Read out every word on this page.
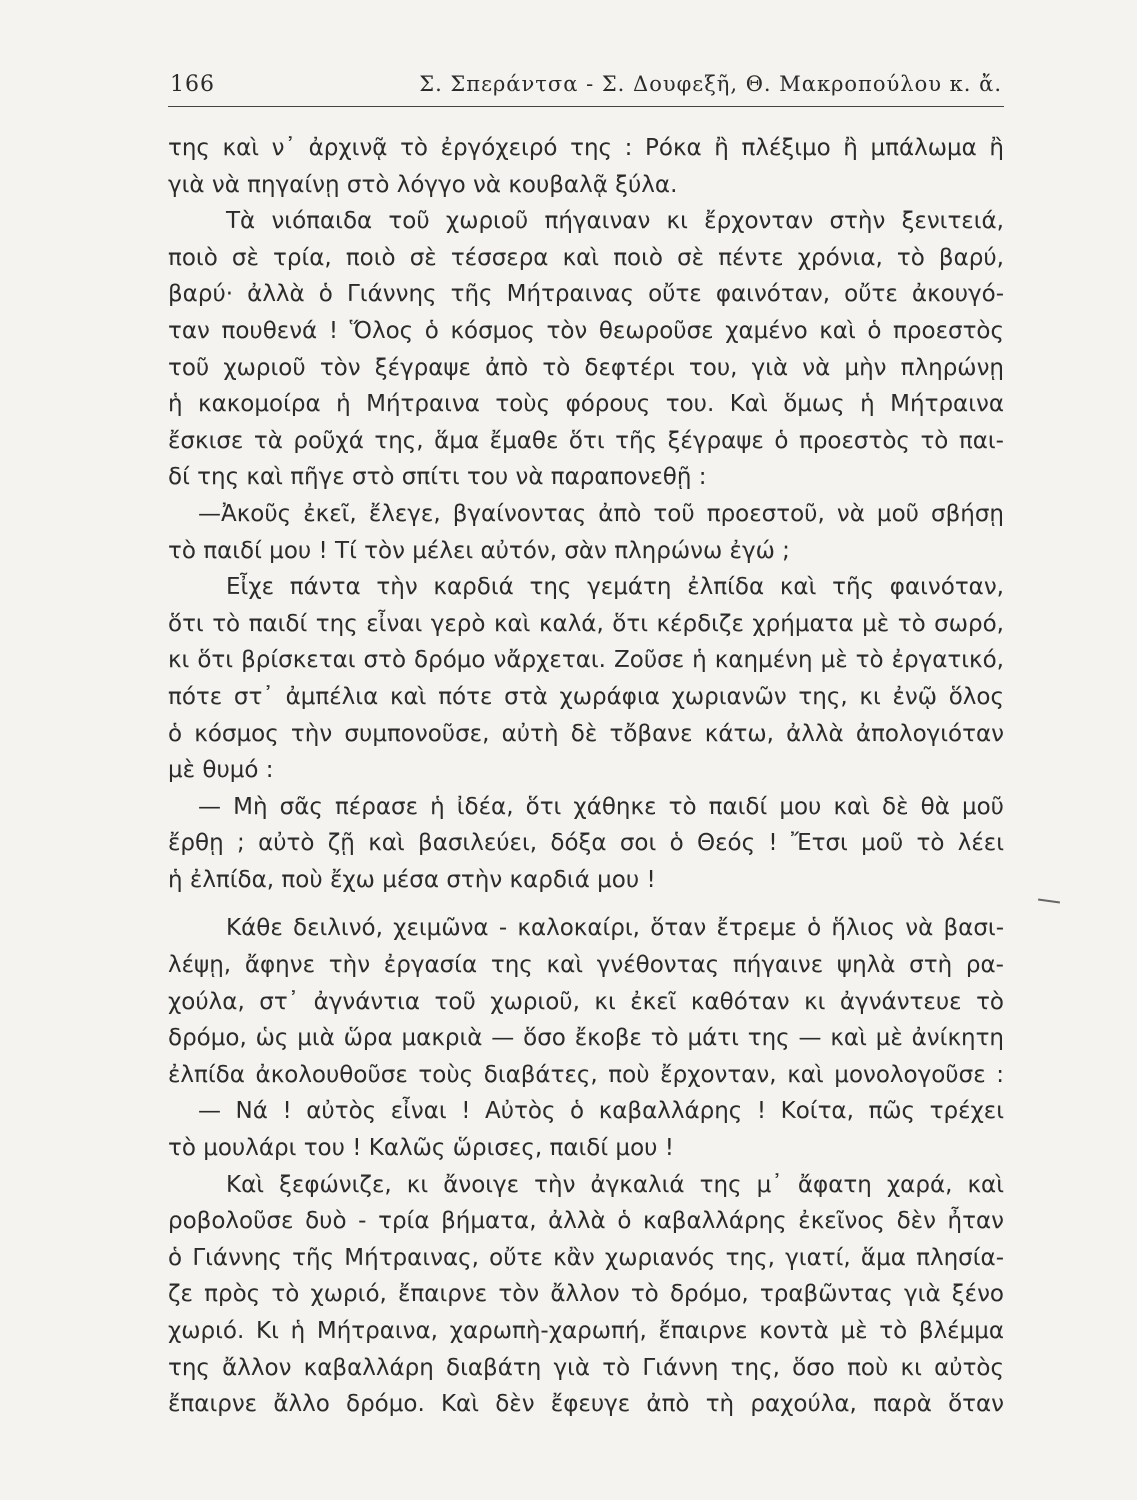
166	Σ. Σπεράντσα - Σ. Δουφεξῆ, Θ. Μακροπούλου κ. ἄ.
της καὶ ν᾽ ἀρχινᾷ τὸ ἐργόχειρό της : Ρόκα ἢ πλέξιμο ἢ μπάλωμα ἢ
γιὰ νὰ πηγαίνῃ στὸ λόγγο νὰ κουβαλᾷ ξύλα.
Τὰ νιόπαιδα τοῦ χωριοῦ πήγαιναν κι ἔρχονταν στὴν ξενιτειά,
ποιὸ σὲ τρία, ποιὸ σὲ τέσσερα καὶ ποιὸ σὲ πέντε χρόνια, τὸ βαρύ,
βαρύ· ἀλλὰ ὁ Γιάννης τῆς Μήτραινας οὔτε φαινόταν, οὔτε ἀκουγό-
ταν πουθενά ! Ὅλος ὁ κόσμος τὸν θεωροῦσε χαμένο καὶ ὁ προεστὸς
τοῦ χωριοῦ τὸν ξέγραψε ἀπὸ τὸ δεφτέρι του, γιὰ νὰ μὴν πληρώνῃ
ἡ κακομοίρα ἡ Μήτραινα τοὺς φόρους του. Καὶ ὅμως ἡ Μήτραινα
ἔσκισε τὰ ροῦχά της, ἅμα ἔμαθε ὅτι τῆς ξέγραψε ὁ προεστὸς τὸ παι-
δί της καὶ πῆγε στὸ σπίτι του νὰ παραπονεθῇ :
—Ἀκοῦς ἐκεῖ, ἔλεγε, βγαίνοντας ἀπὸ τοῦ προεστοῦ, νὰ μοῦ σβήσῃ
τὸ παιδί μου ! Τί τὸν μέλει αὐτόν, σὰν πληρώνω ἐγώ ;
Εἶχε πάντα τὴν καρδιά της γεμάτη ἐλπίδα καὶ τῆς φαινόταν,
ὅτι τὸ παιδί της εἶναι γερὸ καὶ καλά, ὅτι κέρδιζε χρήματα μὲ τὸ σωρό,
κι ὅτι βρίσκεται στὸ δρόμο νἄρχεται. Ζοῦσε ἡ καημένη μὲ τὸ ἐργατικό,
πότε στ᾽ ἀμπέλια καὶ πότε στὰ χωράφια χωριανῶν της, κι ἐνῷ ὅλος
ὁ κόσμος τὴν συμπονοῦσε, αὐτὴ δὲ τὄβανε κάτω, ἀλλὰ ἀπολογιόταν
μὲ θυμό :
— Μὴ σᾶς πέρασε ἡ ἰδέα, ὅτι χάθηκε τὸ παιδί μου καὶ δὲ θὰ μοῦ
ἔρθῃ ; αὐτὸ ζῇ καὶ βασιλεύει, δόξα σοι ὁ Θεός ! Ἔτσι μοῦ τὸ λέει
ἡ ἐλπίδα, ποὺ ἔχω μέσα στὴν καρδιά μου !
Κάθε δειλινό, χειμῶνα - καλοκαίρι, ὅταν ἔτρεμε ὁ ἥλιος νὰ βασι-
λέψῃ, ἄφηνε τὴν ἐργασία της καὶ γνέθοντας πήγαινε ψηλὰ στὴ ρα-
χούλα, στ᾽ ἀγνάντια τοῦ χωριοῦ, κι ἐκεῖ καθόταν κι ἀγνάντευε τὸ
δρόμο, ὡς μιὰ ὥρα μακριὰ — ὅσο ἔκοβε τὸ μάτι της — καὶ μὲ ἀνίκητη
ἐλπίδα ἀκολουθοῦσε τοὺς διαβάτες, ποὺ ἔρχονταν, καὶ μονολογοῦσε :
— Νά ! αὐτὸς εἶναι ! Αὐτὸς ὁ καβαλλάρης ! Κοίτα, πῶς τρέχει
τὸ μουλάρι του ! Καλῶς ὥρισες, παιδί μου !
Καὶ ξεφώνιζε, κι ἄνοιγε τὴν ἀγκαλιά της μ᾽ ἄφατη χαρά, καὶ
ροβολοῦσε δυὸ - τρία βήματα, ἀλλὰ ὁ καβαλλάρης ἐκεῖνος δὲν ἦταν
ὁ Γιάννης τῆς Μήτραινας, οὔτε κἂν χωριανός της, γιατί, ἅμα πλησία-
ζε πρὸς τὸ χωριό, ἔπαιρνε τὸν ἄλλον τὸ δρόμο, τραβῶντας γιὰ ξένο
χωριό. Κι ἡ Μήτραινα, χαρωπὴ-χαρωπή, ἔπαιρνε κοντὰ μὲ τὸ βλέμμα
της ἄλλον καβαλλάρη διαβάτη γιὰ τὸ Γιάννη της, ὅσο ποὺ κι αὐτὸς
ἔπαιρνε ἄλλο δρόμο. Καὶ δὲν ἔφευγε ἀπὸ τὴ ραχούλα, παρὰ ὅταν
